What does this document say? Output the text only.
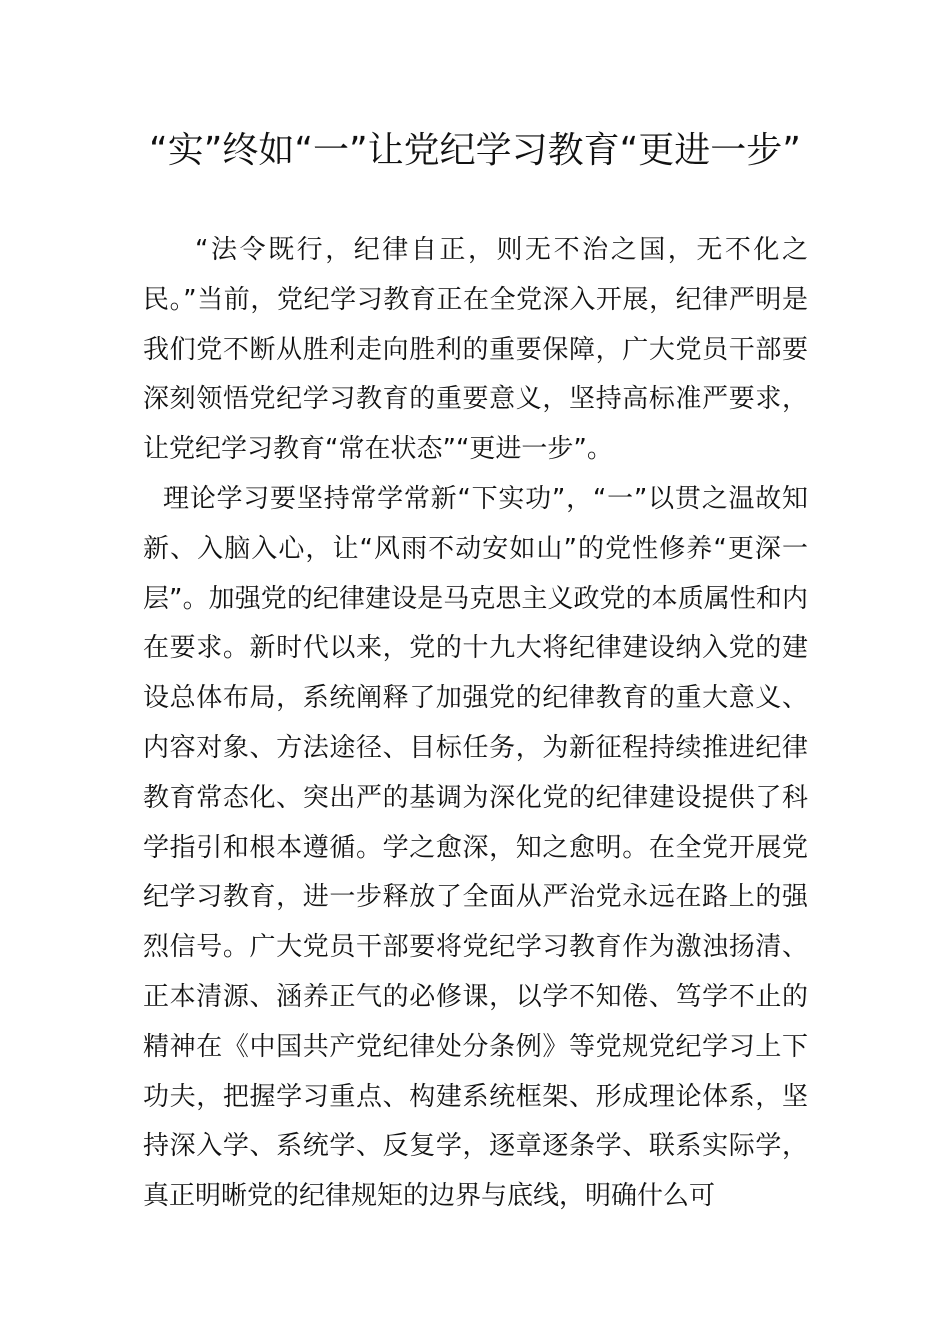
“实”终如“一”让党纪学习教育“更进一步”

“法令既行，纪律自正，则无不治之国，无不化之民。”当前，党纪学习教育正在全党深入开展，纪律严明是我们党不断从胜利走向胜利的重要保障，广大党员干部要深刻领悟党纪学习教育的重要意义，坚持高标准严要求，让党纪学习教育“常在状态”“更进一步”。

理论学习要坚持常学常新“下实功”，“一”以贯之温故知新、入脑入心，让“风雨不动安如山”的党性修养“更深一层”。加强党的纪律建设是马克思主义政党的本质属性和内在要求。新时代以来，党的十九大将纪律建设纳入党的建设总体布局，系统阐释了加强党的纪律教育的重大意义、内容对象、方法途径、目标任务，为新征程持续推进纪律教育常态化、突出严的基调为深化党的纪律建设提供了科学指引和根本遵循。学之愈深，知之愈明。在全党开展党纪学习教育，进一步释放了全面从严治党永远在路上的强烈信号。广大党员干部要将党纪学习教育作为激浊扬清、正本清源、涵养正气的必修课，以学不知倦、笃学不止的精神在《中国共产党纪律处分条例》等党规党纪学习上下功夫，把握学习重点、构建系统框架、形成理论体系，坚持深入学、系统学、反复学，逐章逐条学、联系实际学，真正明晰党的纪律规矩的边界与底线，明确什么可
